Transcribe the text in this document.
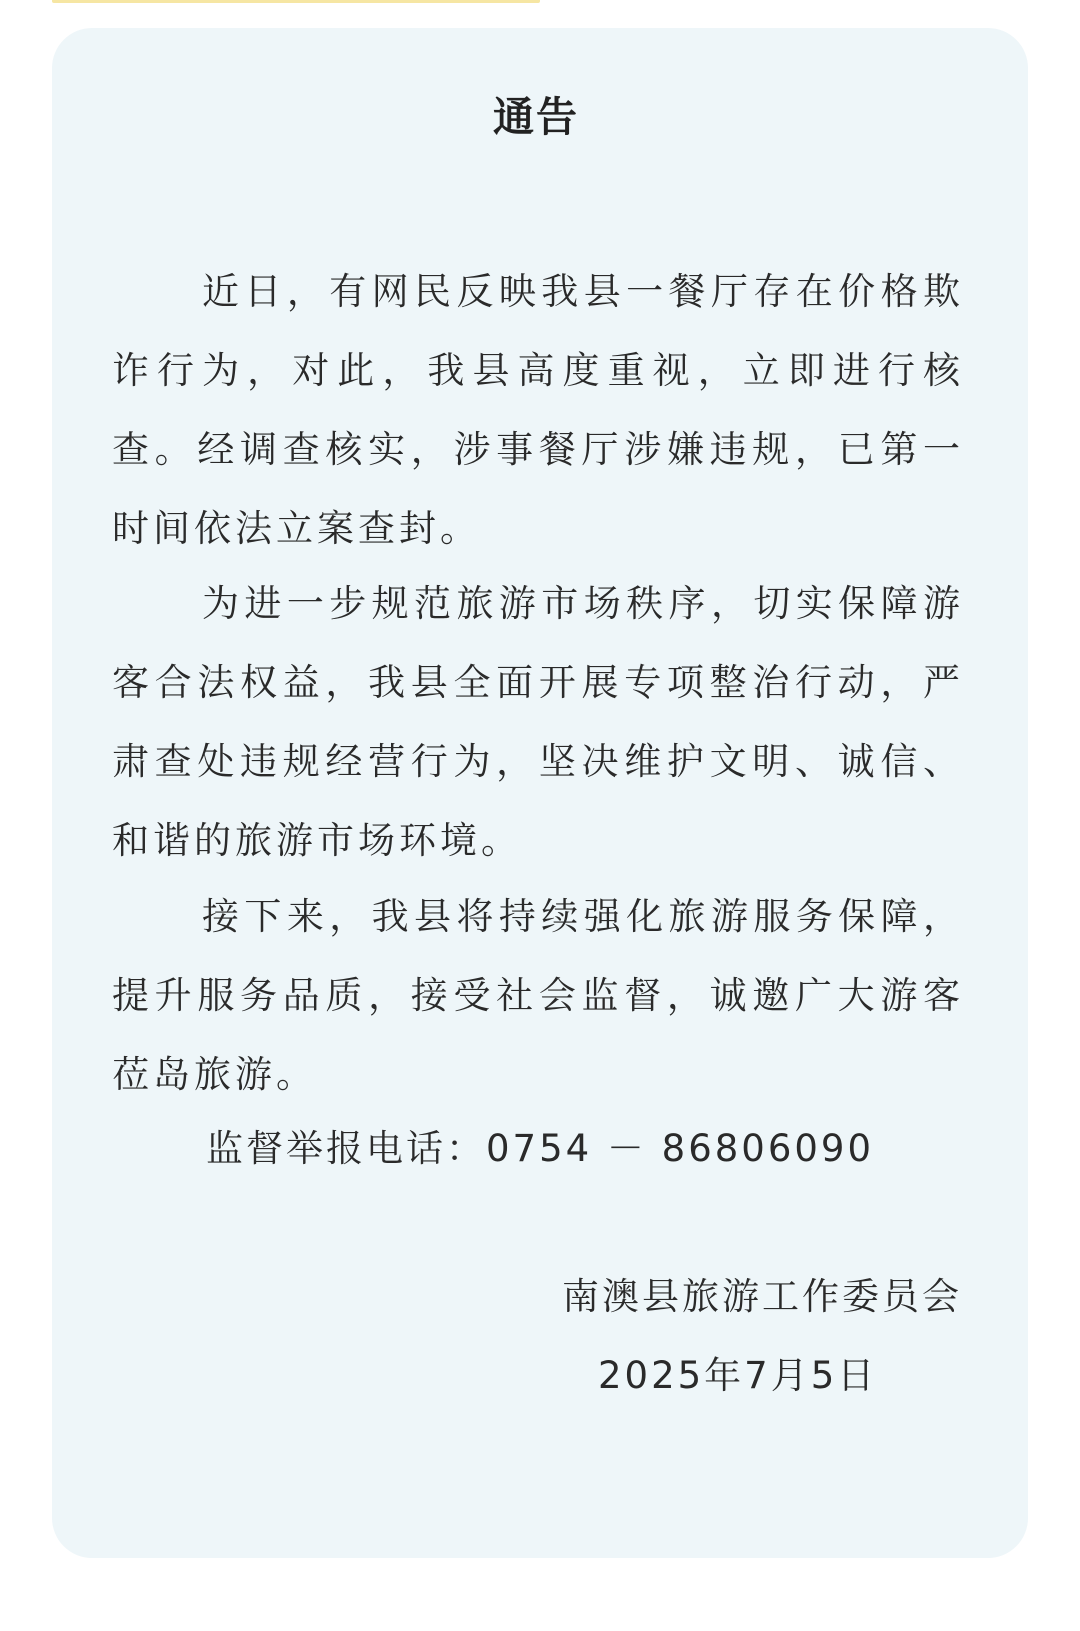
通告

近日，有网民反映我县一餐厅存在价格欺诈行为，对此，我县高度重视，立即进行核查。经调查核实，涉事餐厅涉嫌违规，已第一时间依法立案查封。

为进一步规范旅游市场秩序，切实保障游客合法权益，我县全面开展专项整治行动，严肃查处违规经营行为，坚决维护文明、诚信、和谐的旅游市场环境。

接下来，我县将持续强化旅游服务保障，提升服务品质，接受社会监督，诚邀广大游客莅岛旅游。

监督举报电话：0754 － 86806090
南澳县旅游工作委员会
2025年7月5日
